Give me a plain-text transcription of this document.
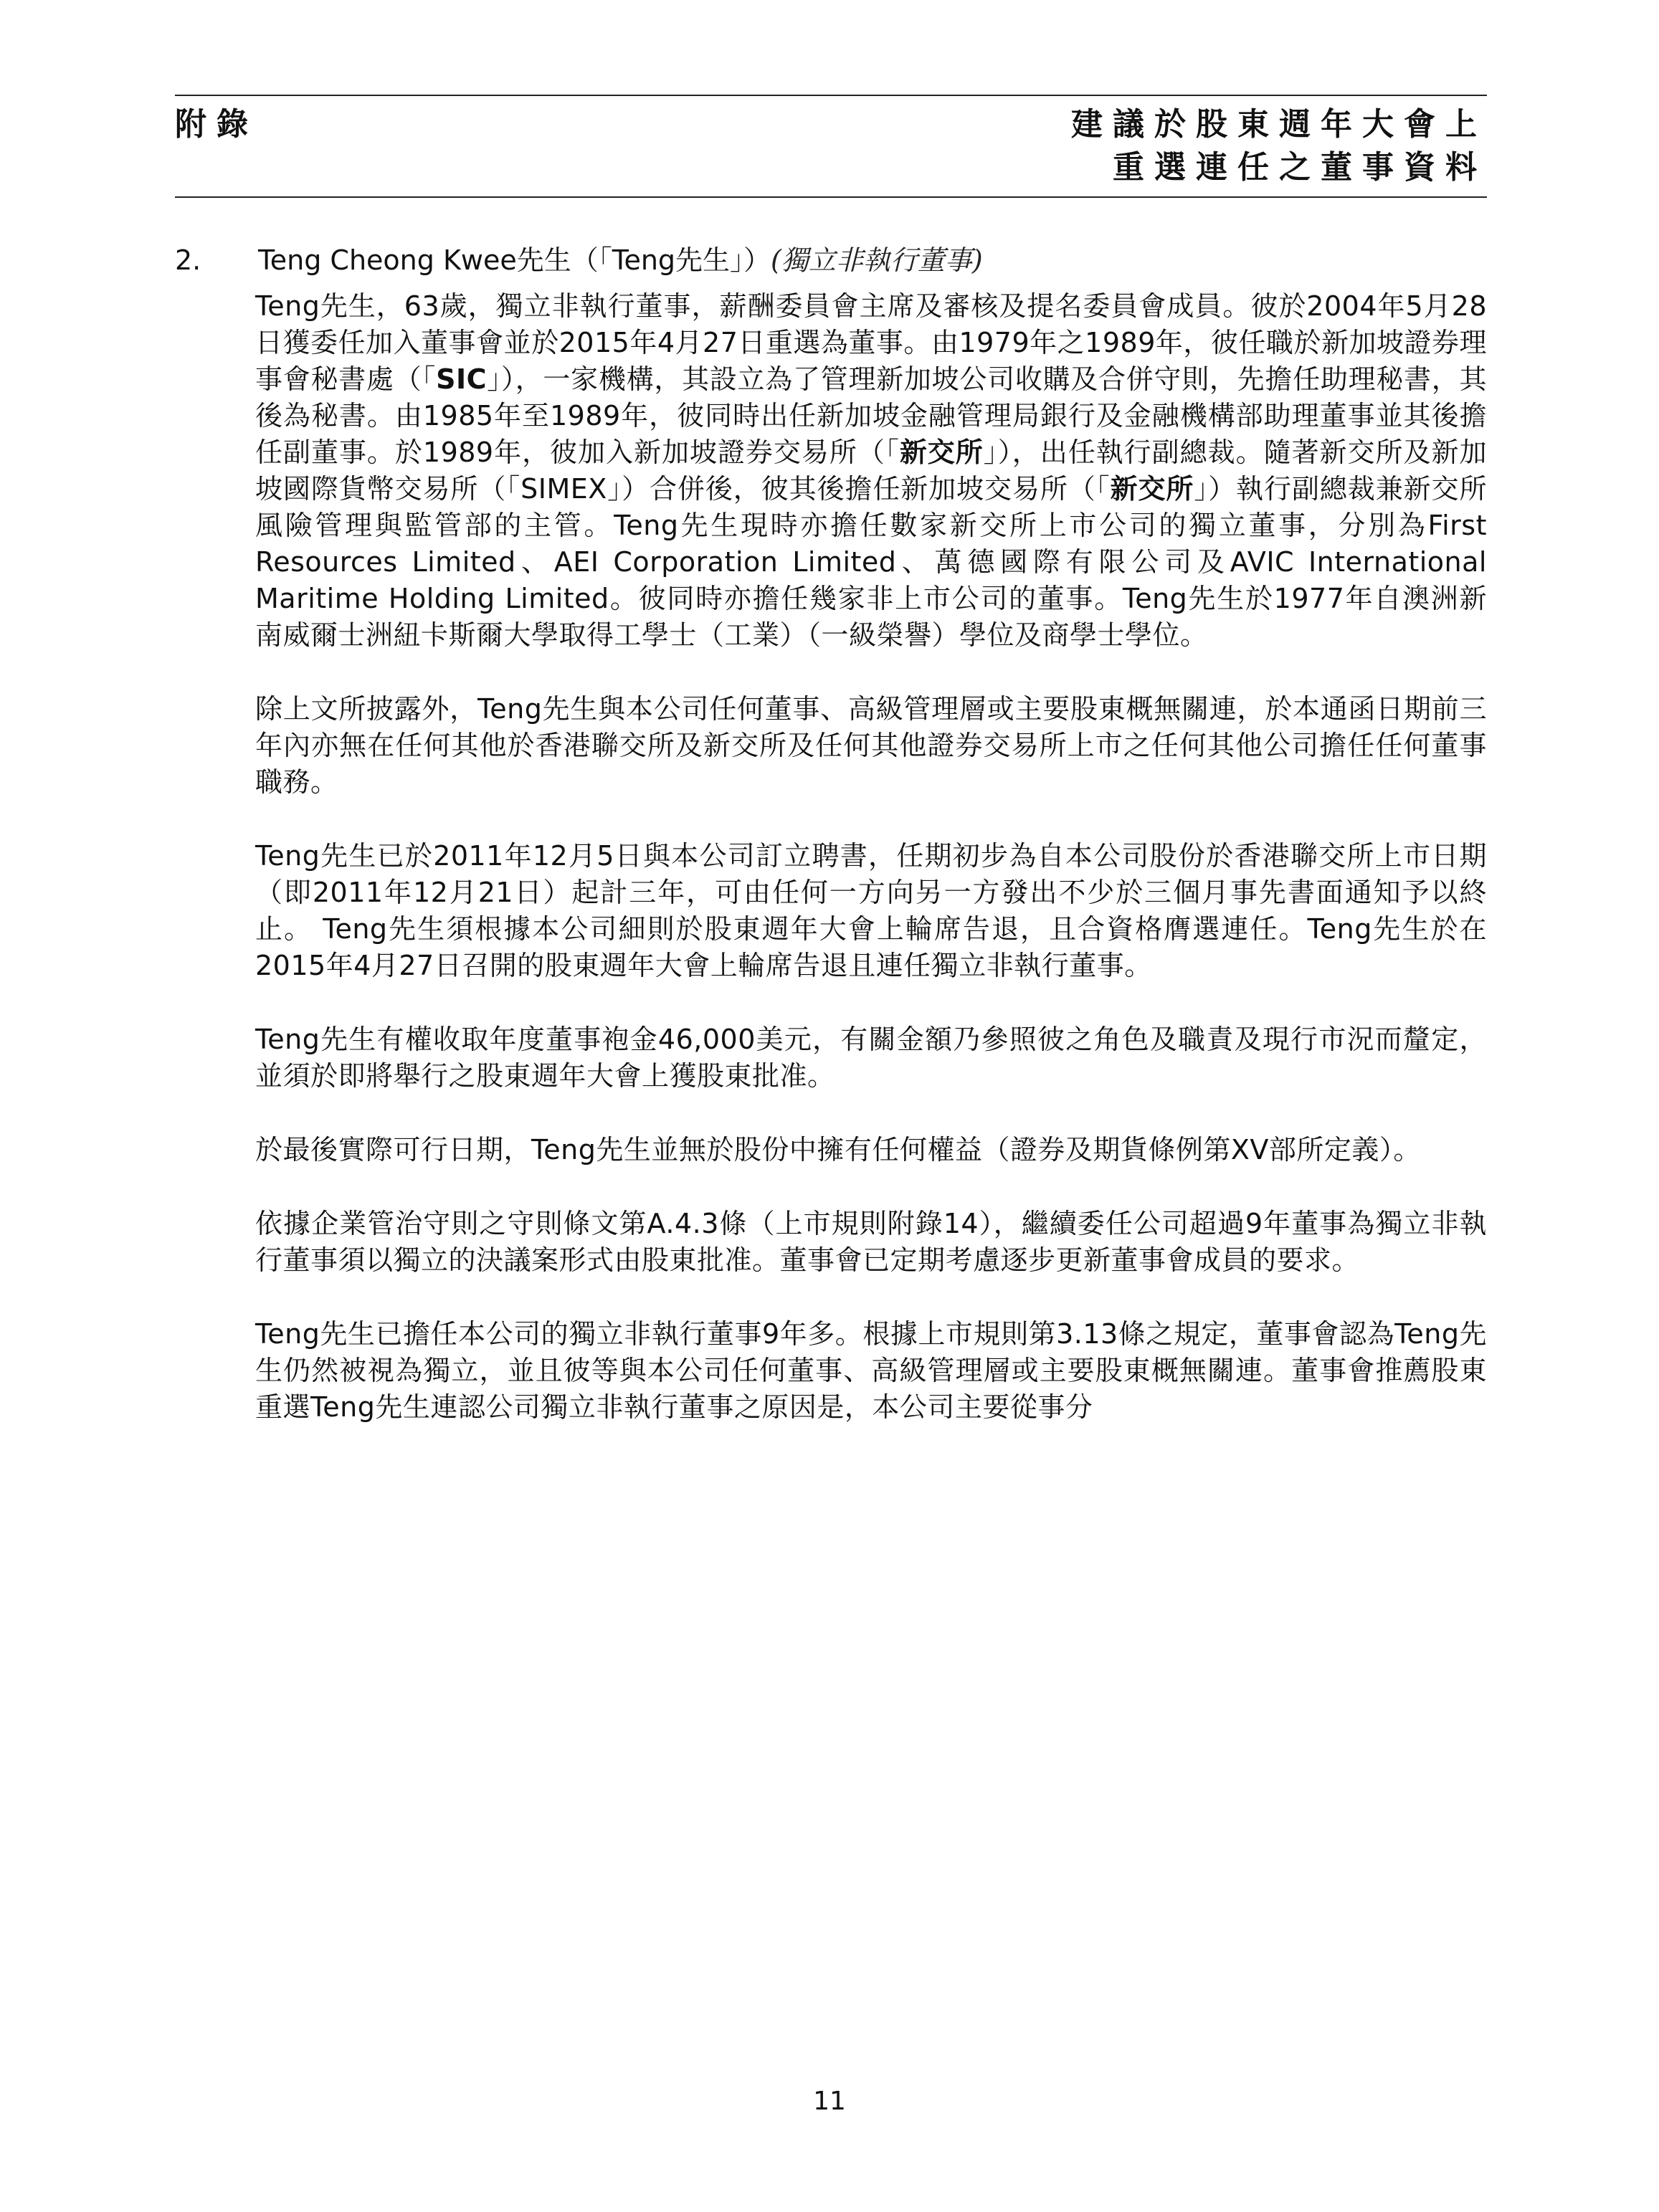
附錄	建議於股東週年大會上
重選連任之董事資料
2. Teng Cheong Kwee先生（「Teng先生」）(獨立非執行董事)

Teng先生，63歲，獨立非執行董事，薪酬委員會主席及審核及提名委員會成員。彼於2004年5月28日獲委任加入董事會並於2015年4月27日重選為董事。由1979年之1989年，彼任職於新加坡證券理事會秘書處（「SIC」），一家機構，其設立為了管理新加坡公司收購及合併守則，先擔任助理秘書，其後為秘書。由1985年至1989年，彼同時出任新加坡金融管理局銀行及金融機構部助理董事並其後擔任副董事。於1989年，彼加入新加坡證券交易所（「新交所」），出任執行副總裁。隨著新交所及新加坡國際貨幣交易所（「SIMEX」）合併後，彼其後擔任新加坡交易所（「新交所」）執行副總裁兼新交所風險管理與監管部的主管。Teng先生現時亦擔任數家新交所上市公司的獨立董事，分別為First Resources Limited、AEI Corporation Limited、萬德國際有限公司及AVIC International Maritime Holding Limited。彼同時亦擔任幾家非上市公司的董事。Teng先生於1977年自澳洲新南威爾士洲紐卡斯爾大學取得工學士（工業）（一級榮譽）學位及商學士學位。

除上文所披露外，Teng先生與本公司任何董事、高級管理層或主要股東概無關連，於本通函日期前三年內亦無在任何其他於香港聯交所及新交所及任何其他證券交易所上市之任何其他公司擔任任何董事職務。

Teng先生已於2011年12月5日與本公司訂立聘書，任期初步為自本公司股份於香港聯交所上市日期（即2011年12月21日）起計三年，可由任何一方向另一方發出不少於三個月事先書面通知予以終止。 Teng先生須根據本公司細則於股東週年大會上輪席告退，且合資格膺選連任。Teng先生於在2015年4月27日召開的股東週年大會上輪席告退且連任獨立非執行董事。

Teng先生有權收取年度董事袍金46,000美元，有關金額乃參照彼之角色及職責及現行市況而釐定，並須於即將舉行之股東週年大會上獲股東批准。

於最後實際可行日期，Teng先生並無於股份中擁有任何權益（證券及期貨條例第XV部所定義）。

依據企業管治守則之守則條文第A.4.3條（上市規則附錄14），繼續委任公司超過9年董事為獨立非執行董事須以獨立的決議案形式由股東批准。董事會已定期考慮逐步更新董事會成員的要求。

Teng先生已擔任本公司的獨立非執行董事9年多。根據上市規則第3.13條之規定，董事會認為Teng先生仍然被視為獨立，並且彼等與本公司任何董事、高級管理層或主要股東概無關連。董事會推薦股東重選Teng先生連認公司獨立非執行董事之原因是，本公司主要從事分

11
